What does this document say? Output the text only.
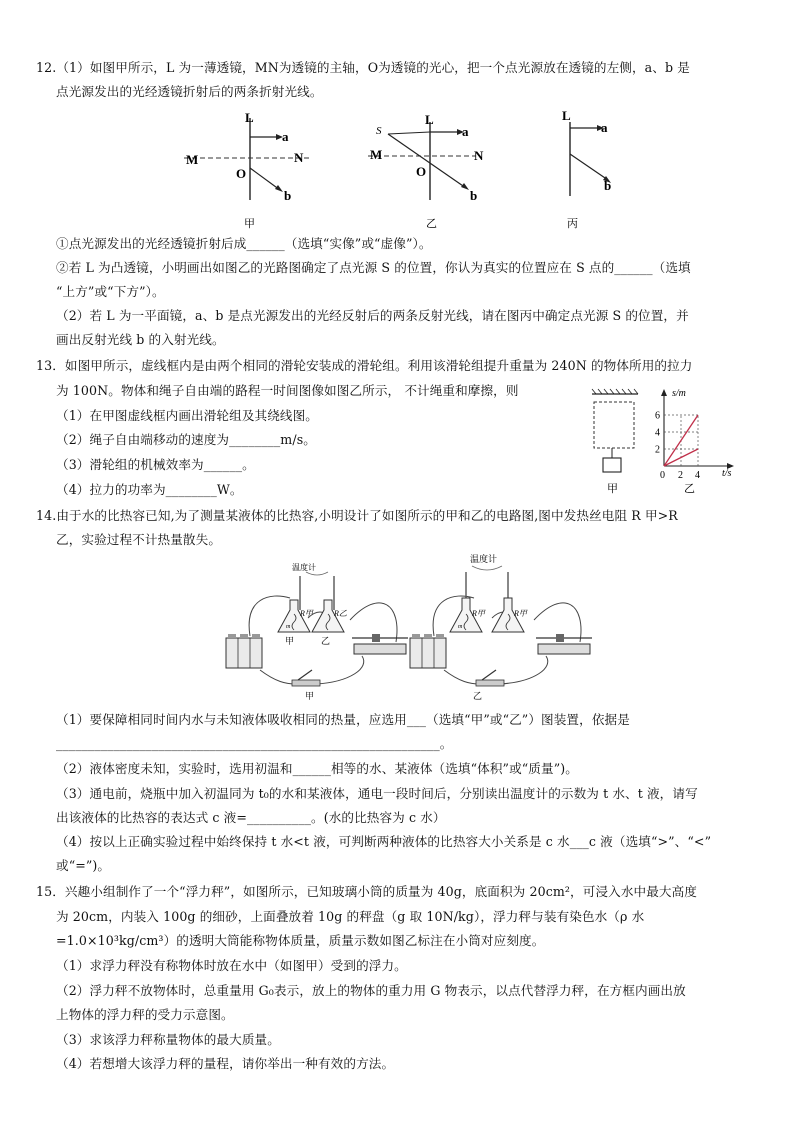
12.（1）如图甲所示，L 为一薄透镜，MN为透镜的主轴，O为透镜的光心，把一个点光源放在透镜的左侧，a、b 是
点光源发出的光经透镜折射后的两条折射光线。
L
a
b
M	N
O
甲
S
L
a
b
M	N
O
乙
L
a
b
丙
①点光源发出的光经透镜折射后成______（选填“实像”或“虚像”）。
②若 L 为凸透镜，小明画出如图乙的光路图确定了点光源 S 的位置，你认为真实的位置应在 S 点的______（选填
“上方”或“下方”）。
（2）若 L 为一平面镜，a、b 是点光源发出的光经反射后的两条反射光线，请在图丙中确定点光源 S 的位置，并
画出反射光线 b 的入射光线。
13．如图甲所示，虚线框内是由两个相同的滑轮安装成的滑轮组。利用该滑轮组提升重量为 240N 的物体所用的拉力
为 100N。物体和绳子自由端的路程一时间图像如图乙所示， 不计绳重和摩擦，则
（1）在甲图虚线框内画出滑轮组及其绕线图。
（2）绳子自由端移动的速度为________m/s。
（3）滑轮组的机械效率为______。
（4）拉力的功率为________W。	甲
2
4
6
0 2 4
s/m
t/s
乙
14.由于水的比热容已知,为了测量某液体的比热容,小明设计了如图所示的甲和乙的电路图,图中发热丝电阻 R 甲>R
乙，实验过程不计热量散失。
温度计
R甲	R乙
m
甲	乙
甲
温度计
R甲	R甲
m
乙
（1）要保障相同时间内水与未知液体吸收相同的热量，应选用___（选填“甲”或“乙”）图装置，依据是
____________________________________________________________。
（2）液体密度未知，实验时，选用初温和______相等的水、某液体（选填“体积”或“质量”)。
（3）通电前，烧瓶中加入初温同为 t₀的水和某液体，通电一段时间后，分别读出温度计的示数为 t 水、t 液，请写
出该液体的比热容的表达式 c 液=__________。(水的比热容为 c 水）
（4）按以上正确实验过程中始终保持 t 水<t 液，可判断两种液体的比热容大小关系是 c 水___c 液（选填“>”、“<”
或“=”)。
15．兴趣小组制作了一个“浮力秤”，如图所示，已知玻璃小筒的质量为 40g，底面积为 20cm²，可浸入水中最大高度
为 20cm，内装入 100g 的细砂，上面叠放着 10g 的秤盘（g 取 10N/kg），浮力秤与装有染色水（ρ 水
=1.0×10³kg/cm³）的透明大筒能称物体质量，质量示数如图乙标注在小筒对应刻度。
（1）求浮力秤没有称物体时放在水中（如图甲）受到的浮力。
（2）浮力秤不放物体时，总重量用 G₀表示，放上的物体的重力用 G 物表示，以点代替浮力秤，在方框内画出放
上物体的浮力秤的受力示意图。
（3）求该浮力秤称量物体的最大质量。
（4）若想增大该浮力秤的量程，请你举出一种有效的方法。
